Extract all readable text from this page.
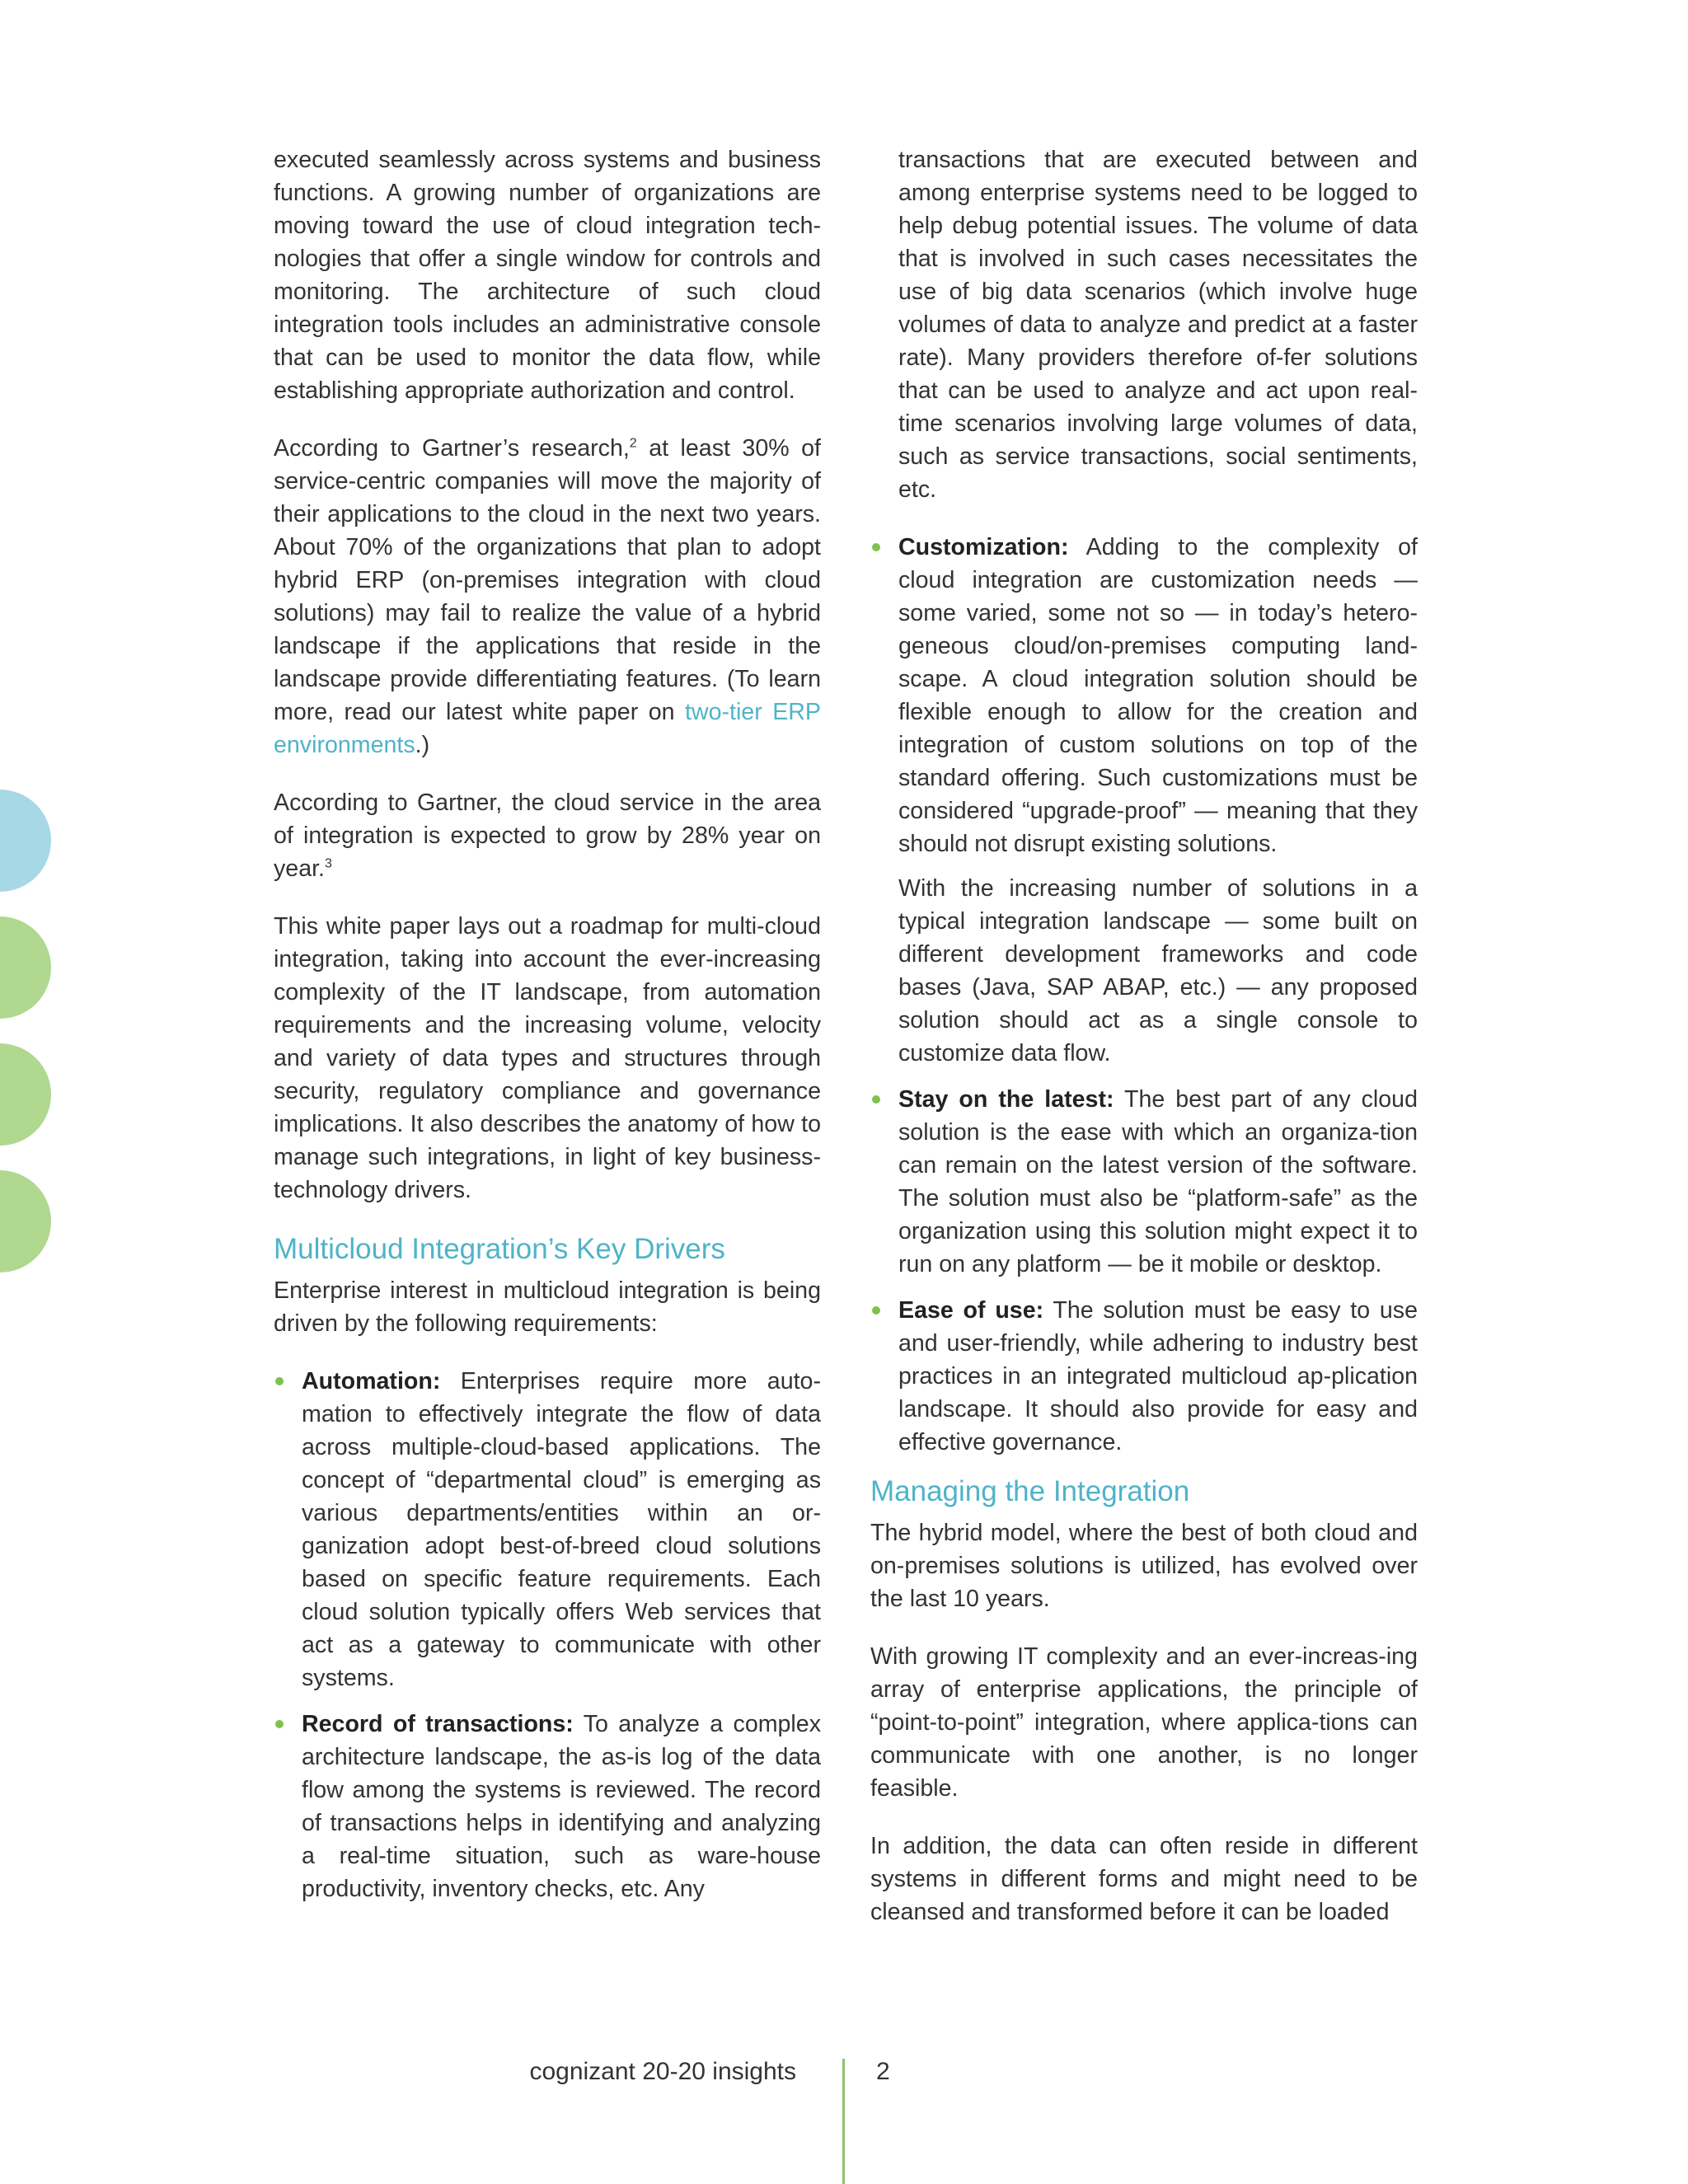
executed seamlessly across systems and business functions. A growing number of organizations are moving toward the use of cloud integration tech-nologies that offer a single window for controls and monitoring. The architecture of such cloud integration tools includes an administrative console that can be used to monitor the data flow, while establishing appropriate authorization and control.

According to Gartner’s research,$^2$ at least 30% of service-centric companies will move the majority of their applications to the cloud in the next two years. About 70% of the organizations that plan to adopt hybrid ERP (on-premises integration with cloud solutions) may fail to realize the value of a hybrid landscape if the applications that reside in the landscape provide differentiating features. (To learn more, read our latest white paper on two-tier ERP environments.)

According to Gartner, the cloud service in the area of integration is expected to grow by 28% year on year.$^3$

This white paper lays out a roadmap for multi-cloud integration, taking into account the ever-increasing complexity of the IT landscape, from automation requirements and the increasing volume, velocity and variety of data types and structures through security, regulatory compliance and governance implications. It also describes the anatomy of how to manage such integrations, in light of key business-technology drivers.

Multicloud Integration’s Key Drivers

Enterprise interest in multicloud integration is being driven by the following requirements:

Automation: Enterprises require more auto-mation to effectively integrate the flow of data across multiple-cloud-based applications. The concept of “departmental cloud” is emerging as various departments/entities within an or-ganization adopt best-of-breed cloud solutions based on specific feature requirements. Each cloud solution typically offers Web services that act as a gateway to communicate with other systems.
Record of transactions: To analyze a complex architecture landscape, the as-is log of the data flow among the systems is reviewed. The record of transactions helps in identifying and analyzing a real-time situation, such as ware-house productivity, inventory checks, etc. Any

transactions that are executed between and among enterprise systems need to be logged to help debug potential issues. The volume of data that is involved in such cases necessitates the use of big data scenarios (which involve huge volumes of data to analyze and predict at a faster rate). Many providers therefore of-fer solutions that can be used to analyze and act upon real-time scenarios involving large volumes of data, such as service transactions, social sentiments, etc.

Customization: Adding to the complexity of cloud integration are customization needs — some varied, some not so — in today’s hetero-geneous cloud/on-premises computing land-scape. A cloud integration solution should be flexible enough to allow for the creation and integration of custom solutions on top of the standard offering. Such customizations must be considered “upgrade-proof” — meaning that they should not disrupt existing solutions.

With the increasing number of solutions in a typical integration landscape — some built on different development frameworks and code bases (Java, SAP ABAP, etc.) — any proposed solution should act as a single console to customize data flow.

Stay on the latest: The best part of any cloud solution is the ease with which an organiza-tion can remain on the latest version of the software. The solution must also be “platform-safe” as the organization using this solution might expect it to run on any platform — be it mobile or desktop.
Ease of use: The solution must be easy to use and user-friendly, while adhering to industry best practices in an integrated multicloud ap-plication landscape. It should also provide for easy and effective governance.
Managing the Integration

The hybrid model, where the best of both cloud and on-premises solutions is utilized, has evolved over the last 10 years.

With growing IT complexity and an ever-increas-ing array of enterprise applications, the principle of “point-to-point” integration, where applica-tions can communicate with one another, is no longer feasible.

In addition, the data can often reside in different systems in different forms and might need to be cleansed and transformed before it can be loaded

cognizant 20-20 insights	2
